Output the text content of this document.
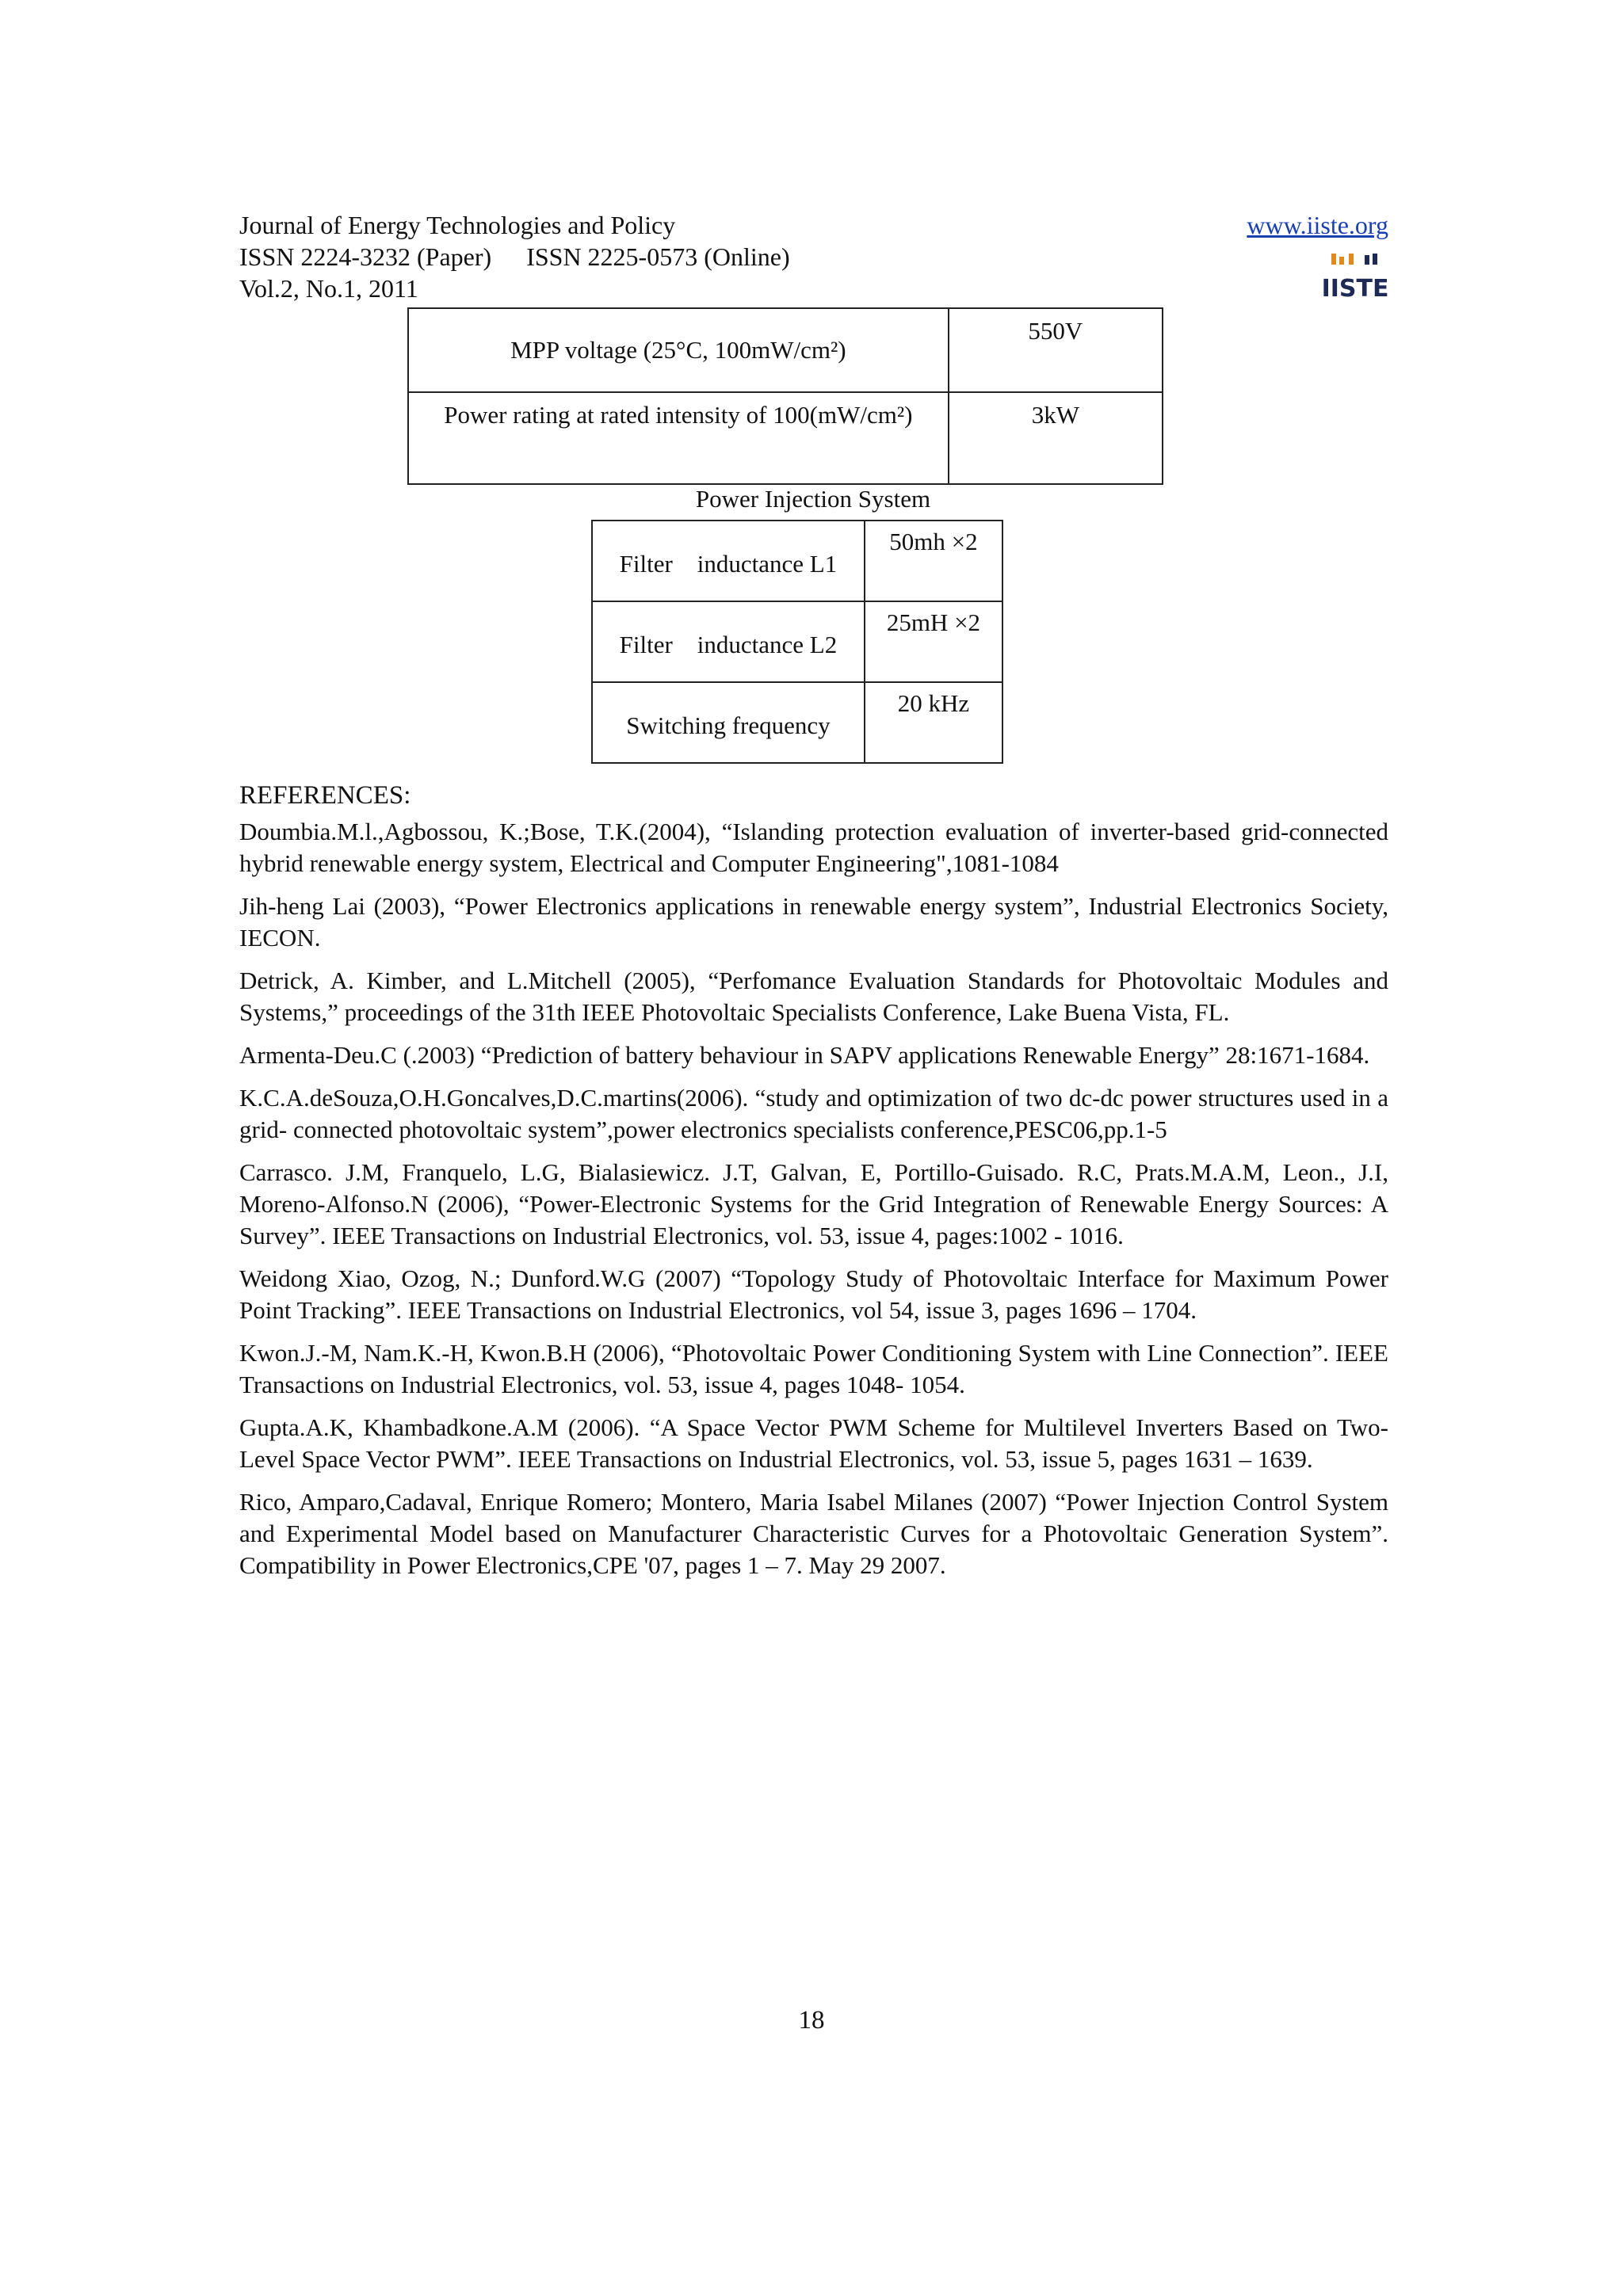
Journal of Energy Technologies and Policy
ISSN 2224-3232 (Paper) ISSN 2225-0573 (Online)
Vol.2, No.1, 2011
www.iiste.org
IISTE
MPP voltage (25°C, 100mW/cm²)	550V
Power rating at rated intensity of 100(mW/cm²)	3kW
Power Injection System
Filter inductance L1	50mh ×2
Filter inductance L2	25mH ×2
Switching frequency	20 kHz
REFERENCES:
Doumbia.M.l.,Agbossou, K.;Bose, T.K.(2004), “Islanding protection evaluation of inverter-based grid-connected hybrid renewable energy system, Electrical and Computer Engineering",1081-1084
Jih-heng Lai (2003), “Power Electronics applications in renewable energy system”, Industrial Electronics Society, IECON.
Detrick, A. Kimber, and L.Mitchell (2005), “Perfomance Evaluation Standards for Photovoltaic Modules and Systems,” proceedings of the 31th IEEE Photovoltaic Specialists Conference, Lake Buena Vista, FL.
Armenta-Deu.C (.2003) “Prediction of battery behaviour in SAPV applications Renewable Energy” 28:1671-1684.
K.C.A.deSouza,O.H.Goncalves,D.C.martins(2006). “study and optimization of two dc-dc power structures used in a grid- connected photovoltaic system”,power electronics specialists conference,PESC06,pp.1-5
Carrasco. J.M, Franquelo, L.G, Bialasiewicz. J.T, Galvan, E, Portillo-Guisado. R.C, Prats.M.A.M, Leon., J.I, Moreno-Alfonso.N (2006), “Power-Electronic Systems for the Grid Integration of Renewable Energy Sources: A Survey”. IEEE Transactions on Industrial Electronics, vol. 53, issue 4, pages:1002 - 1016.
Weidong Xiao, Ozog, N.; Dunford.W.G (2007) “Topology Study of Photovoltaic Interface for Maximum Power Point Tracking”. IEEE Transactions on Industrial Electronics, vol 54, issue 3, pages 1696 – 1704.
Kwon.J.-M, Nam.K.-H, Kwon.B.H (2006), “Photovoltaic Power Conditioning System with Line Connection”. IEEE Transactions on Industrial Electronics, vol. 53, issue 4, pages 1048- 1054.
Gupta.A.K, Khambadkone.A.M (2006). “A Space Vector PWM Scheme for Multilevel Inverters Based on Two-Level Space Vector PWM”. IEEE Transactions on Industrial Electronics, vol. 53, issue 5, pages 1631 – 1639.
Rico, Amparo,Cadaval, Enrique Romero; Montero, Maria Isabel Milanes (2007) “Power Injection Control System and Experimental Model based on Manufacturer Characteristic Curves for a Photovoltaic Generation System”. Compatibility in Power Electronics,CPE '07, pages 1 – 7. May 29 2007.
18
